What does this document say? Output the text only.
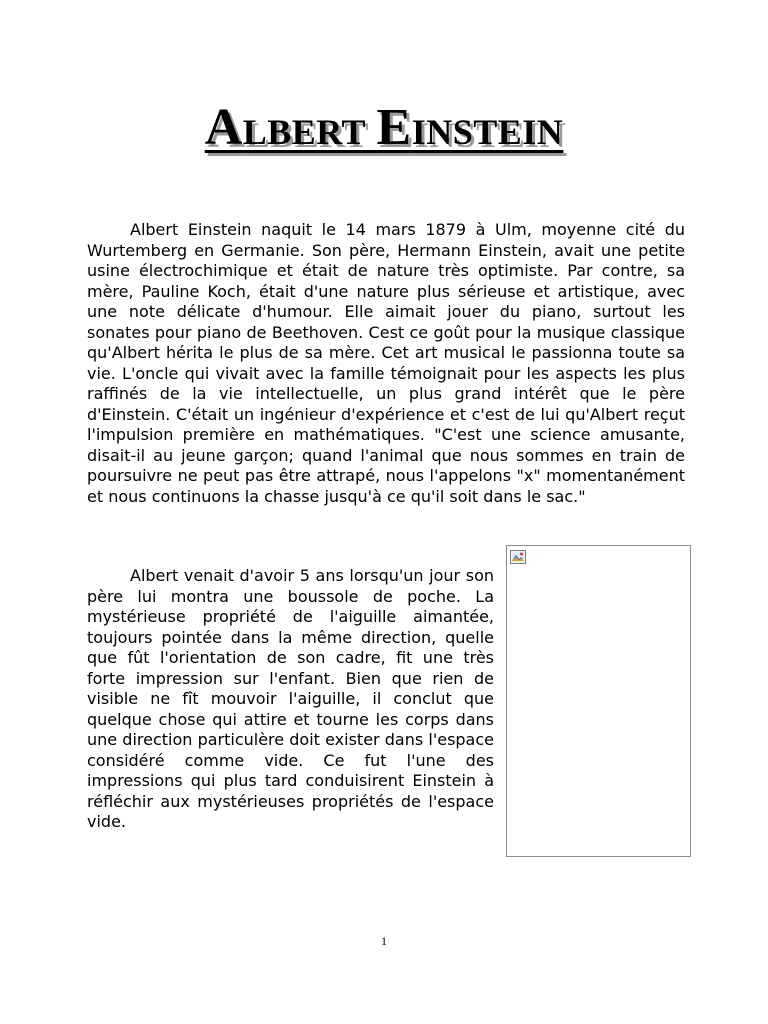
ALBERT EINSTEIN

Albert Einstein naquit le 14 mars 1879 à Ulm, moyenne cité du Wurtemberg en Germanie. Son père, Hermann Einstein, avait une petite usine électrochimique et était de nature très optimiste. Par contre, sa mère, Pauline Koch, était d'une nature plus sérieuse et artistique, avec une note délicate d'humour. Elle aimait jouer du piano, surtout les sonates pour piano de Beethoven. Cest ce goût pour la musique classique qu'Albert hérita le plus de sa mère. Cet art musical le passionna toute sa vie. L'oncle qui vivait avec la famille témoignait pour les aspects les plus raffinés de la vie intellectuelle, un plus grand intérêt que le père d'Einstein. C'était un ingénieur d'expérience et c'est de lui qu'Albert reçut l'impulsion première en mathématiques. "C'est une science amusante, disait-il au jeune garçon; quand l'animal que nous sommes en train de poursuivre ne peut pas être attrapé, nous l'appelons "x" momentanément et nous continuons la chasse jusqu'à ce qu'il soit dans le sac."

Albert venait d'avoir 5 ans lorsqu'un jour son père lui montra une boussole de poche. La mystérieuse propriété de l'aiguille aimantée, toujours pointée dans la même direction, quelle que fût l'orientation de son cadre, fit une très forte impression sur l'enfant. Bien que rien de visible ne fît mouvoir l'aiguille, il conclut que quelque chose qui attire et tourne les corps dans une direction particulère doit exister dans l'espace considéré comme vide. Ce fut l'une des impressions qui plus tard conduisirent Einstein à réfléchir aux mystérieuses propriétés de l'espace vide.

1
